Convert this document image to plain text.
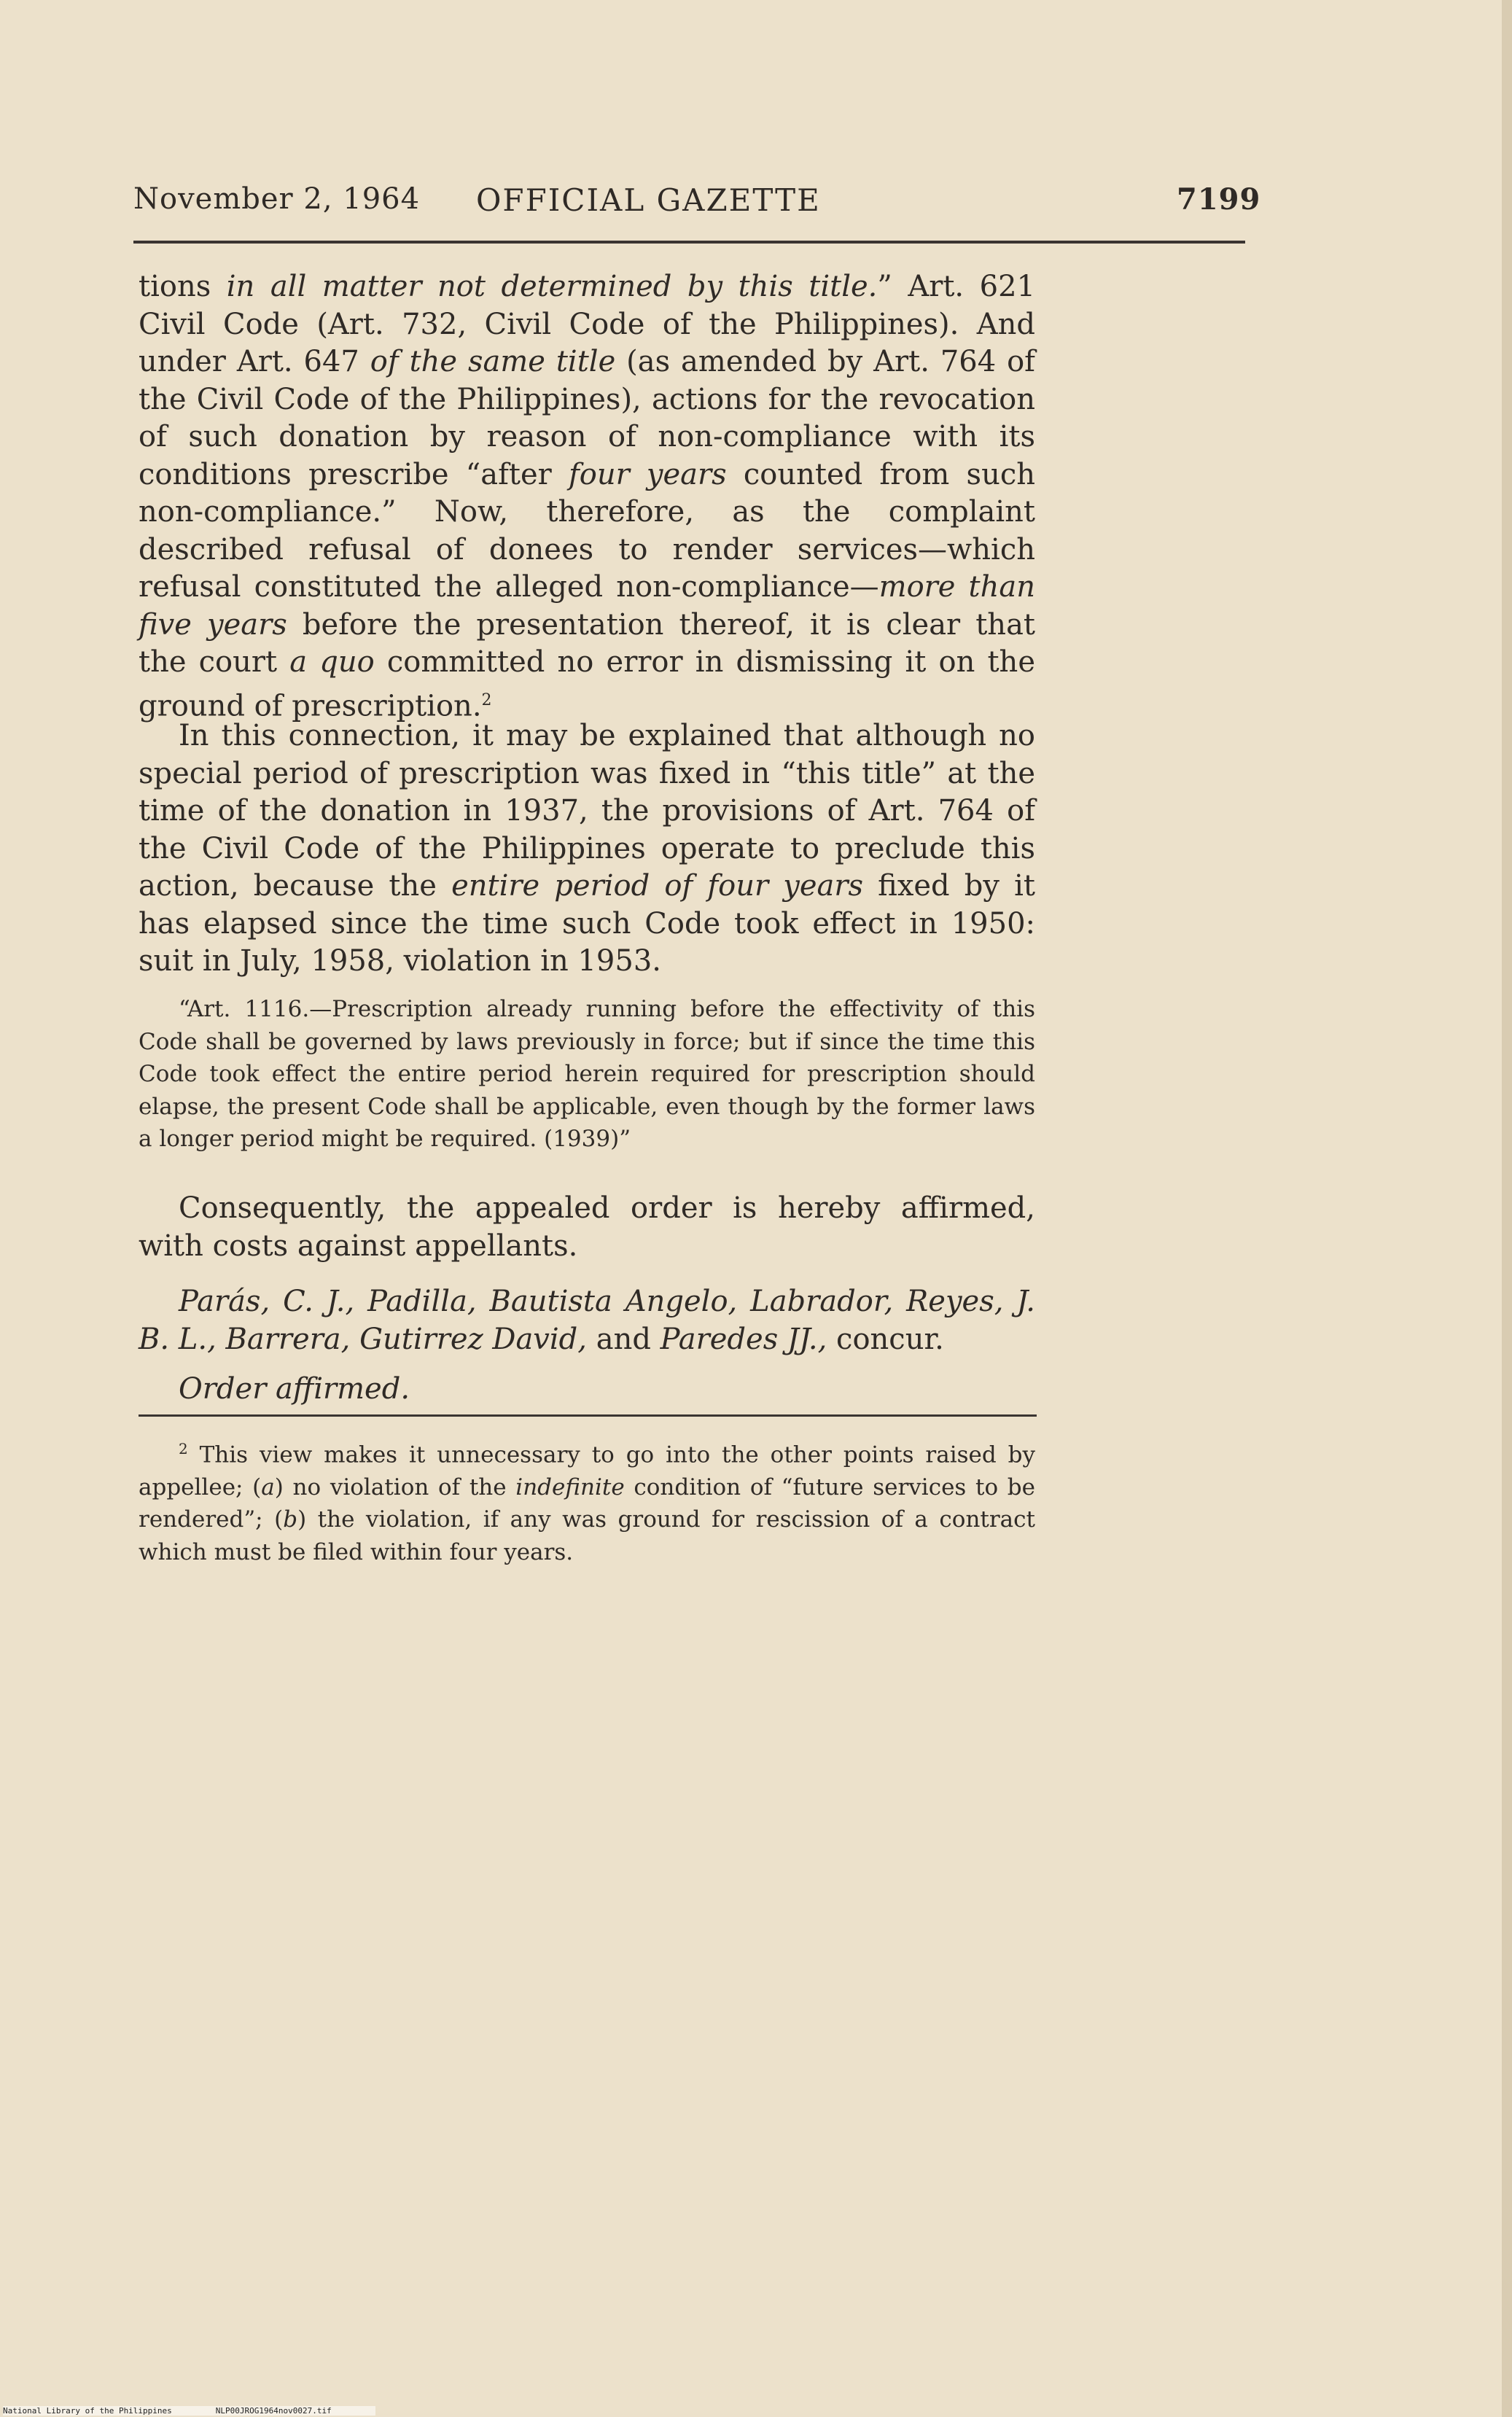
November 2, 1964 OFFICIAL GAZETTE	7199
tions in all matter not determined by this title.” Art. 621 Civil Code (Art. 732, Civil Code of the Philippines). And under Art. 647 of the same title (as amended by Art. 764 of the Civil Code of the Philippines), actions for the revocation of such donation by reason of non-compliance with its conditions prescribe “after four years counted from such non-compliance.” Now, therefore, as the complaint described refusal of donees to render services—which refusal constituted the alleged non-compliance—more than five years before the presentation thereof, it is clear that the court a quo committed no error in dismissing it on the ground of prescription.$^2$
In this connection, it may be explained that although no special period of prescription was fixed in “this title” at the time of the donation in 1937, the provisions of Art. 764 of the Civil Code of the Philippines operate to preclude this action, because the entire period of four years fixed by it has elapsed since the time such Code took effect in 1950: suit in July, 1958, violation in 1953.
“Art. 1116.—Prescription already running before the effectivity of this Code shall be governed by laws previously in force; but if since the time this Code took effect the entire period herein required for prescription should elapse, the present Code shall be applicable, even though by the former laws a longer period might be required. (1939)”
Consequently, the appealed order is hereby affirmed, with costs against appellants.
Parás, C. J., Padilla, Bautista Angelo, Labrador, Reyes, J. B. L., Barrera, Gutirrez David, and Paredes JJ., concur.
Order affirmed.
$^2$ This view makes it unnecessary to go into the other points raised by appellee; (a) no violation of the indefinite condition of “future services to be rendered”; (b) the violation, if any was ground for rescission of a contract which must be filed within four years.
National Library of the Philippines	NLP00JROG1964nov0027.tif
